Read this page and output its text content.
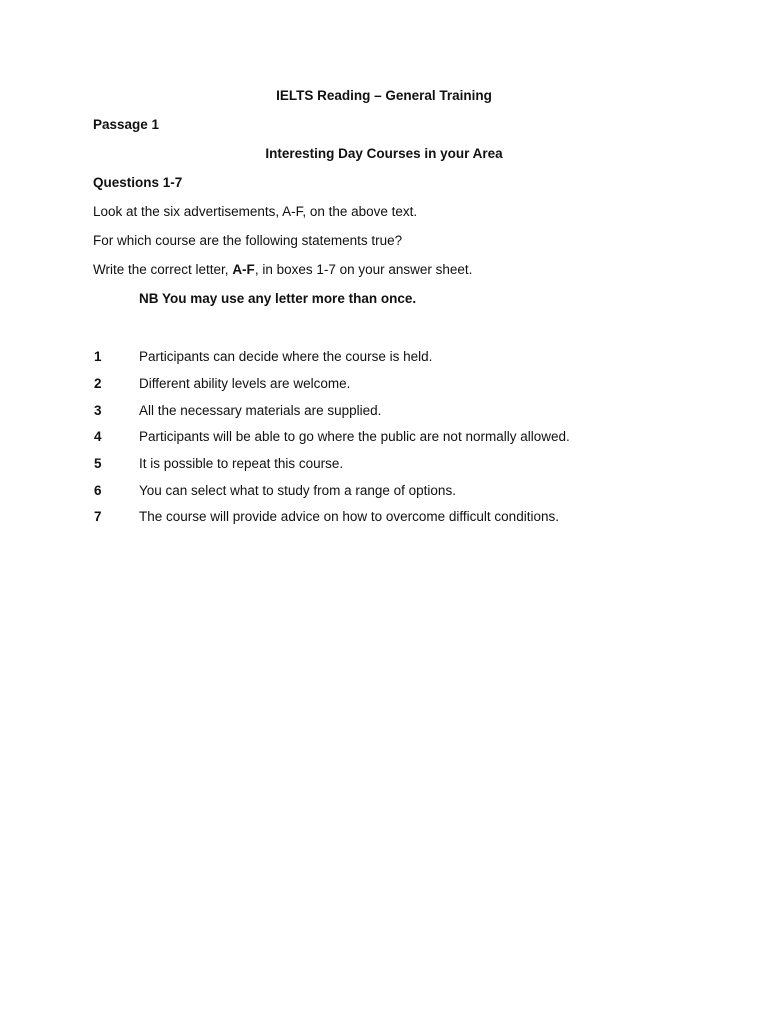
IELTS Reading – General Training
Passage 1
Interesting Day Courses in your Area
Questions 1-7
Look at the six advertisements, A-F, on the above text.
For which course are the following statements true?
Write the correct letter, A-F, in boxes 1-7 on your answer sheet.
NB You may use any letter more than once.
1	Participants can decide where the course is held.
2	Different ability levels are welcome.
3	All the necessary materials are supplied.
4	Participants will be able to go where the public are not normally allowed.
5	It is possible to repeat this course.
6	You can select what to study from a range of options.
7	The course will provide advice on how to overcome difficult conditions.
